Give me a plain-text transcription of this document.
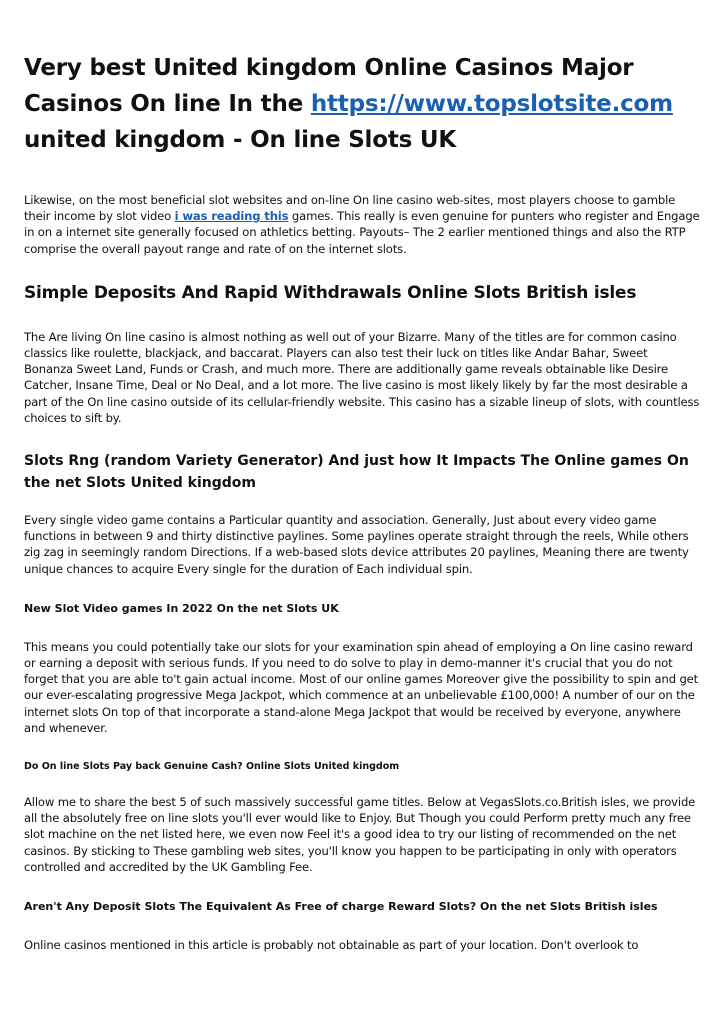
Very best United kingdom Online Casinos Major Casinos On line In the https://www.topslotsite.com united kingdom - On line Slots UK

Likewise, on the most beneficial slot websites and on-line On line casino web-sites, most players choose to gamble their income by slot video i was reading this games. This really is even genuine for punters who register and Engage in on a internet site generally focused on athletics betting. Payouts– The 2 earlier mentioned things and also the RTP comprise the overall payout range and rate of on the internet slots.

Simple Deposits And Rapid Withdrawals Online Slots British isles

The Are living On line casino is almost nothing as well out of your Bizarre. Many of the titles are for common casino classics like roulette, blackjack, and baccarat. Players can also test their luck on titles like Andar Bahar, Sweet Bonanza Sweet Land, Funds or Crash, and much more. There are additionally game reveals obtainable like Desire Catcher, Insane Time, Deal or No Deal, and a lot more. The live casino is most likely likely by far the most desirable a part of the On line casino outside of its cellular-friendly website. This casino has a sizable lineup of slots, with countless choices to sift by.

Slots Rng (random Variety Generator) And just how It Impacts The Online games On the net Slots United kingdom

Every single video game contains a Particular quantity and association. Generally, Just about every video game functions in between 9 and thirty distinctive paylines. Some paylines operate straight through the reels, While others zig zag in seemingly random Directions. If a web-based slots device attributes 20 paylines, Meaning there are twenty unique chances to acquire Every single for the duration of Each individual spin.

New Slot Video games In 2022 On the net Slots UK

This means you could potentially take our slots for your examination spin ahead of employing a On line casino reward or earning a deposit with serious funds. If you need to do solve to play in demo-manner it's crucial that you do not forget that you are able to't gain actual income. Most of our online games Moreover give the possibility to spin and get our ever-escalating progressive Mega Jackpot, which commence at an unbelievable £100,000! A number of our on the internet slots On top of that incorporate a stand-alone Mega Jackpot that would be received by everyone, anywhere and whenever.

Do On line Slots Pay back Genuine Cash? Online Slots United kingdom

Allow me to share the best 5 of such massively successful game titles. Below at VegasSlots.co.British isles, we provide all the absolutely free on line slots you'll ever would like to Enjoy. But Though you could Perform pretty much any free slot machine on the net listed here, we even now Feel it's a good idea to try our listing of recommended on the net casinos. By sticking to These gambling web sites, you'll know you happen to be participating in only with operators controlled and accredited by the UK Gambling Fee.

Aren't Any Deposit Slots The Equivalent As Free of charge Reward Slots? On the net Slots British isles

Online casinos mentioned in this article is probably not obtainable as part of your location. Don't overlook to
